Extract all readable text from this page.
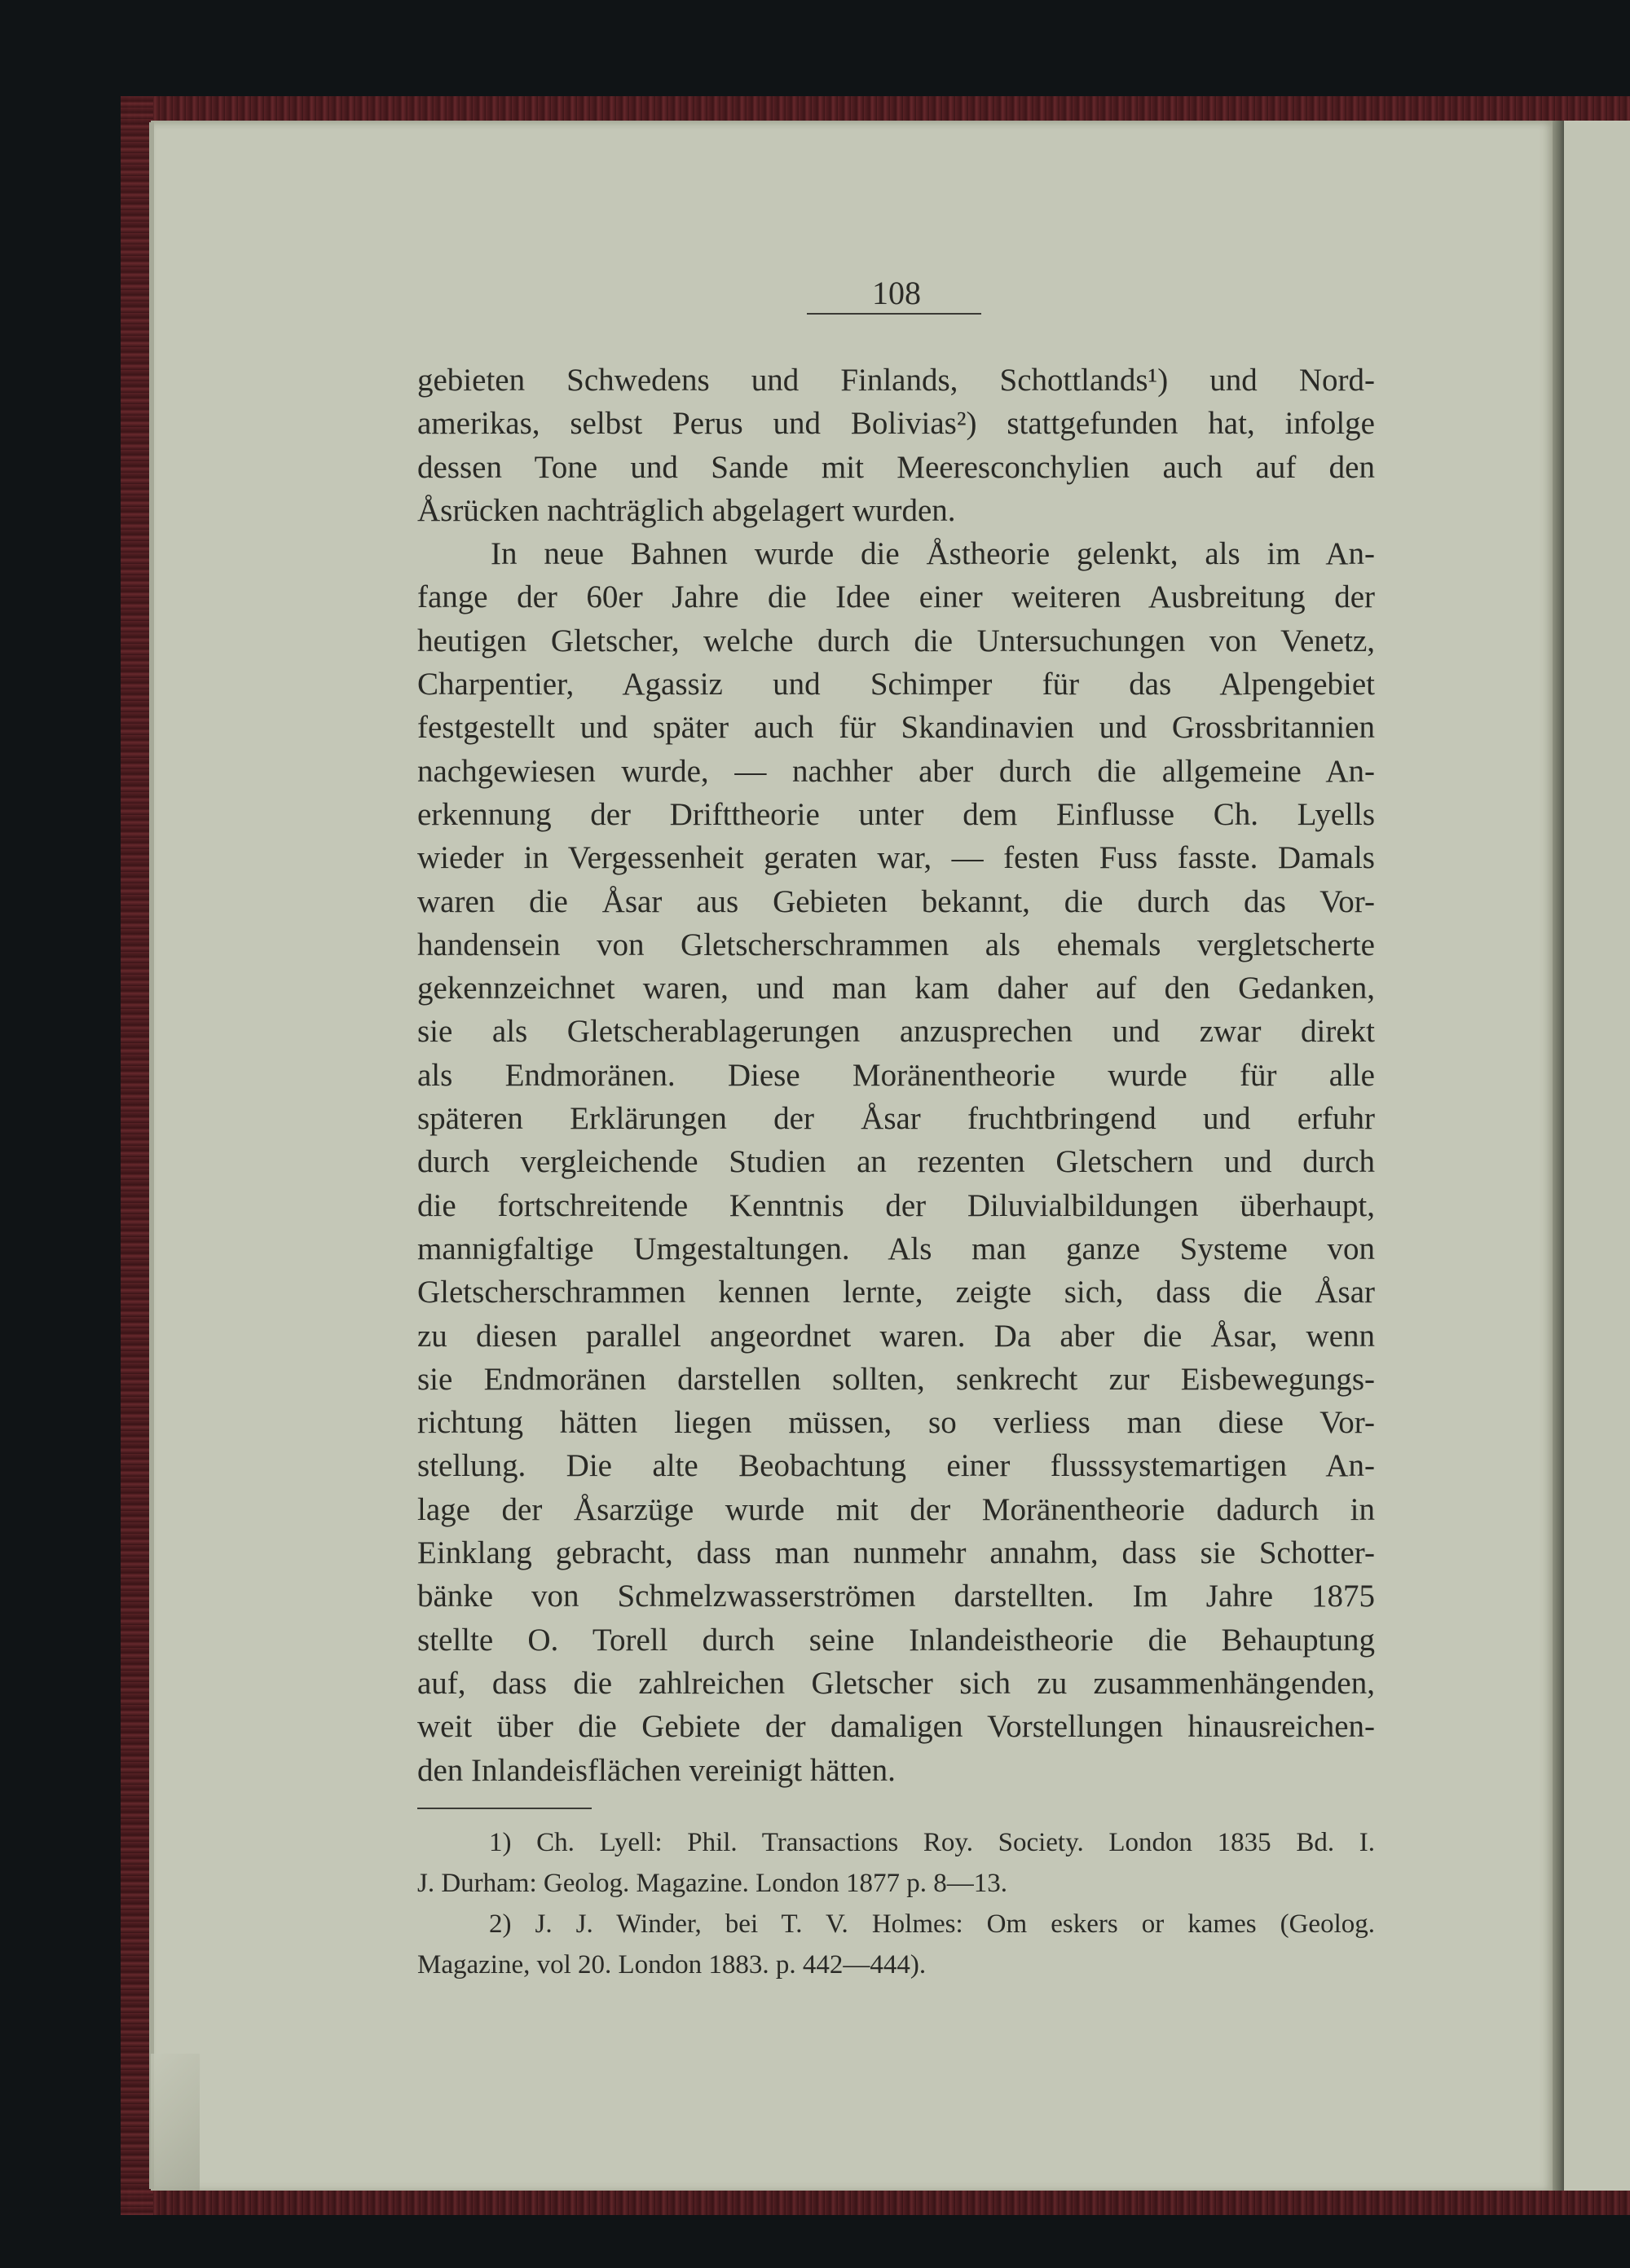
108
gebieten Schwedens und Finlands, Schottlands¹) und Nord-
amerikas, selbst Perus und Bolivias²) stattgefunden hat, infolge
dessen Tone und Sande mit Meeresconchylien auch auf den
Åsrücken nachträglich abgelagert wurden.
In neue Bahnen wurde die Åstheorie gelenkt, als im An-
fange der 60er Jahre die Idee einer weiteren Ausbreitung der
heutigen Gletscher, welche durch die Untersuchungen von Venetz,
Charpentier, Agassiz und Schimper für das Alpengebiet
festgestellt und später auch für Skandinavien und Grossbritannien
nachgewiesen wurde, — nachher aber durch die allgemeine An-
erkennung der Drifttheorie unter dem Einflusse Ch. Lyells
wieder in Vergessenheit geraten war, — festen Fuss fasste. Damals
waren die Åsar aus Gebieten bekannt, die durch das Vor-
handensein von Gletscherschrammen als ehemals vergletscherte
gekennzeichnet waren, und man kam daher auf den Gedanken,
sie als Gletscherablagerungen anzusprechen und zwar direkt
als Endmoränen. Diese Moränentheorie wurde für alle
späteren Erklärungen der Åsar fruchtbringend und erfuhr
durch vergleichende Studien an rezenten Gletschern und durch
die fortschreitende Kenntnis der Diluvialbildungen überhaupt,
mannigfaltige Umgestaltungen. Als man ganze Systeme von
Gletscherschrammen kennen lernte, zeigte sich, dass die Åsar
zu diesen parallel angeordnet waren. Da aber die Åsar, wenn
sie Endmoränen darstellen sollten, senkrecht zur Eisbewegungs-
richtung hätten liegen müssen, so verliess man diese Vor-
stellung. Die alte Beobachtung einer flusssystemartigen An-
lage der Åsarzüge wurde mit der Moränentheorie dadurch in
Einklang gebracht, dass man nunmehr annahm, dass sie Schotter-
bänke von Schmelzwasserströmen darstellten. Im Jahre 1875
stellte O. Torell durch seine Inlandeistheorie die Behauptung
auf, dass die zahlreichen Gletscher sich zu zusammenhängenden,
weit über die Gebiete der damaligen Vorstellungen hinausreichen-
den Inlandeisflächen vereinigt hätten.
1) Ch. Lyell: Phil. Transactions Roy. Society. London 1835 Bd. I.
J. Durham: Geolog. Magazine. London 1877 p. 8—13.
2) J. J. Winder, bei T. V. Holmes: Om eskers or kames (Geolog.
Magazine, vol 20. London 1883. p. 442—444).
